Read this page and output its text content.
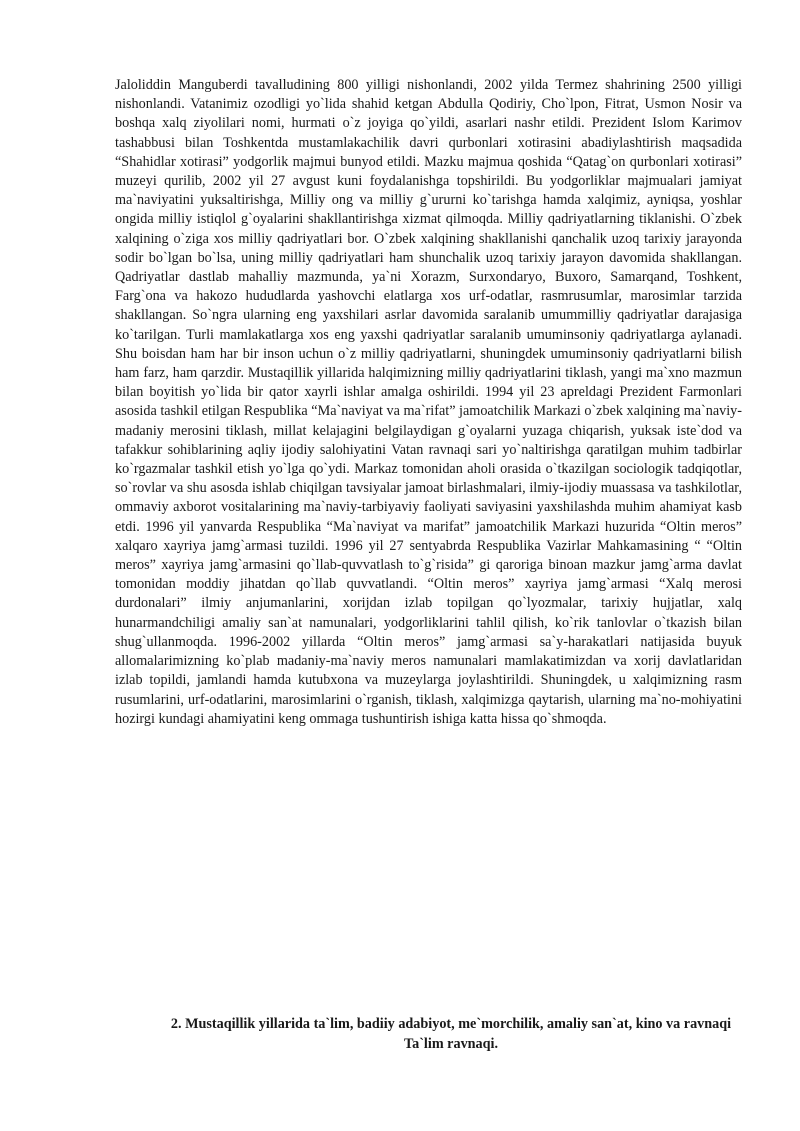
Jaloliddin Manguberdi tavalludining 800 yilligi nishonlandi, 2002 yilda Termez shahrining 2500 yilligi nishonlandi. Vatanimiz ozodligi yo`lida shahid ketgan Abdulla Qodiriy, Cho`lpon, Fitrat, Usmon Nosir va boshqa xalq ziyolilari nomi, hurmati o`z joyiga qo`yildi, asarlari nashr etildi. Prezident Islom Karimov tashabbusi bilan Toshkentda mustamlakachilik davri qurbonlari xotirasini abadiylashtirish maqsadida “Shahidlar xotirasi” yodgorlik majmui bunyod etildi. Mazku majmua qoshida “Qatag`on qurbonlari xotirasi” muzeyi qurilib, 2002 yil 27 avgust kuni foydalanishga topshirildi. Bu yodgorliklar majmualari jamiyat ma`naviyatini yuksaltirishga, Milliy ong va milliy g`ururni ko`tarishga hamda xalqimiz, ayniqsa, yoshlar ongida milliy istiqlol g`oyalarini shakllantirishga xizmat qilmoqda. Milliy qadriyatlarning tiklanishi. O`zbek xalqining o`ziga xos milliy qadriyatlari bor. O`zbek xalqining shakllanishi qanchalik uzoq tarixiy jarayonda sodir bo`lgan bo`lsa, uning milliy qadriyatlari ham shunchalik uzoq tarixiy jarayon davomida shakllangan. Qadriyatlar dastlab mahalliy mazmunda, ya`ni Xorazm, Surxondaryo, Buxoro, Samarqand, Toshkent, Farg`ona va hakozo hududlarda yashovchi elatlarga xos urf-odatlar, rasmrusumlar, marosimlar tarzida shakllangan. So`ngra ularning eng yaxshilari asrlar davomida saralanib umummilliy qadriyatlar darajasiga ko`tarilgan. Turli mamlakatlarga xos eng yaxshi qadriyatlar saralanib umuminsoniy qadriyatlarga aylanadi. Shu boisdan ham har bir inson uchun o`z milliy qadriyatlarni, shuningdek umuminsoniy qadriyatlarni bilish ham farz, ham qarzdir. Mustaqillik yillarida halqimizning milliy qadriyatlarini tiklash, yangi ma`xno mazmun bilan boyitish yo`lida bir qator xayrli ishlar amalga oshirildi. 1994 yil 23 apreldagi Prezident Farmonlari asosida tashkil etilgan Respublika “Ma`naviyat va ma`rifat” jamoatchilik Markazi o`zbek xalqining ma`naviy-madaniy merosini tiklash, millat kelajagini belgilaydigan g`oyalarni yuzaga chiqarish, yuksak iste`dod va tafakkur sohiblarining aqliy ijodiy salohiyatini Vatan ravnaqi sari yo`naltirishga qaratilgan muhim tadbirlar ko`rgazmalar tashkil etish yo`lga qo`ydi. Markaz tomonidan aholi orasida o`tkazilgan sociologik tadqiqotlar, so`rovlar va shu asosda ishlab chiqilgan tavsiyalar jamoat birlashmalari, ilmiy-ijodiy muassasa va tashkilotlar, ommaviy axborot vositalarining ma`naviy-tarbiyaviy faoliyati saviyasini yaxshilashda muhim ahamiyat kasb etdi. 1996 yil yanvarda Respublika “Ma`naviyat va marifat” jamoatchilik Markazi huzurida “Oltin meros” xalqaro xayriya jamg`armasi tuzildi. 1996 yil 27 sentyabrda Respublika Vazirlar Mahkamasining “ “Oltin meros” xayriya jamg`armasini qo`llab-quvvatlash to`g`risida” gi qaroriga binoan mazkur jamg`arma davlat tomonidan moddiy jihatdan qo`llab quvvatlandi. “Oltin meros” xayriya jamg`armasi “Xalq merosi durdonalari” ilmiy anjumanlarini, xorijdan izlab topilgan qo`lyozmalar, tarixiy hujjatlar, xalq hunarmandchiligi amaliy san`at namunalari, yodgorliklarini tahlil qilish, ko`rik tanlovlar o`tkazish bilan shug`ullanmoqda. 1996-2002 yillarda “Oltin meros” jamg`armasi sa`y-harakatlari natijasida buyuk allomalarimizning ko`plab madaniy-ma`naviy meros namunalari mamlakatimizdan va xorij davlatlaridan izlab topildi, jamlandi hamda kutubxona va muzeylarga joylashtirildi. Shuningdek, u xalqimizning rasm rusumlarini, urf-odatlarini, marosimlarini o`rganish, tiklash, xalqimizga qaytarish, ularning ma`no-mohiyatini hozirgi kundagi ahamiyatini keng ommaga tushuntirish ishiga katta hissa qo`shmoqda.

2. Mustaqillik yillarida ta`lim, badiiy adabiyot, me`morchilik, amaliy san`at, kino va ravnaqi Ta`lim ravnaqi.
